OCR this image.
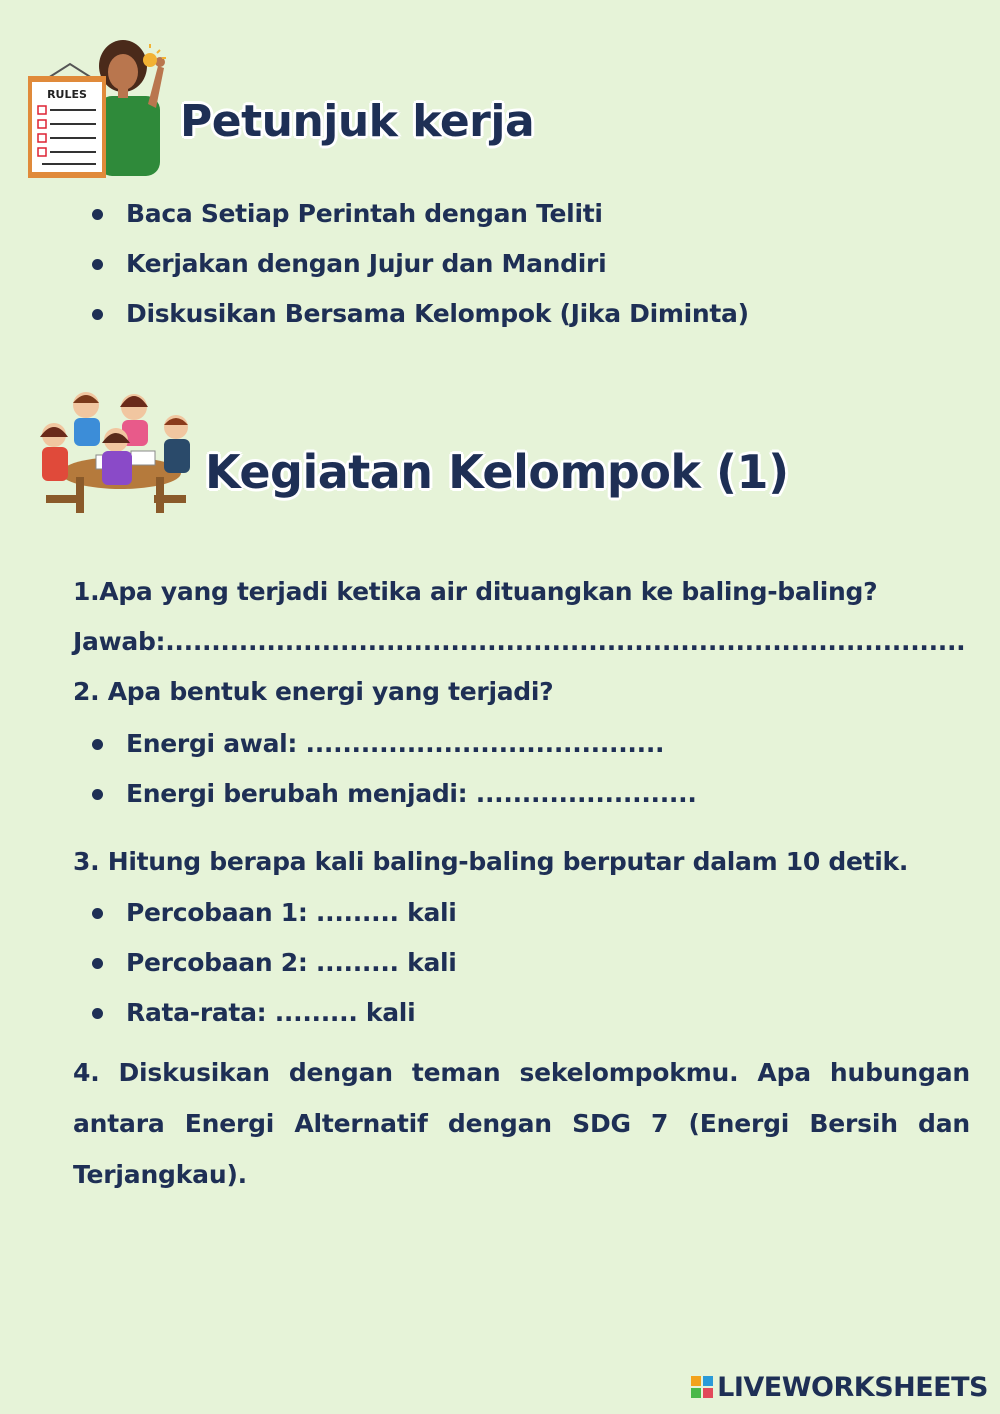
RULES
Petunjuk kerja
Baca Setiap Perintah dengan Teliti
Kerjakan dengan Jujur dan Mandiri
Diskusikan Bersama Kelompok (Jika Diminta)
Kegiatan Kelompok (1)
1.Apa yang terjadi ketika air dituangkan ke baling-baling?
Jawab:.......................................................................................
2. Apa bentuk energi yang terjadi?
Energi awal: .......................................
Energi berubah menjadi: ........................
3. Hitung berapa kali baling-baling berputar dalam 10 detik.
Percobaan 1: ......... kali
Percobaan 2: ......... kali
Rata-rata: ......... kali
4. Diskusikan dengan teman sekelompokmu. Apa hubungan antara Energi Alternatif dengan SDG 7 (Energi Bersih dan Terjangkau).
LIVEWORKSHEETS
